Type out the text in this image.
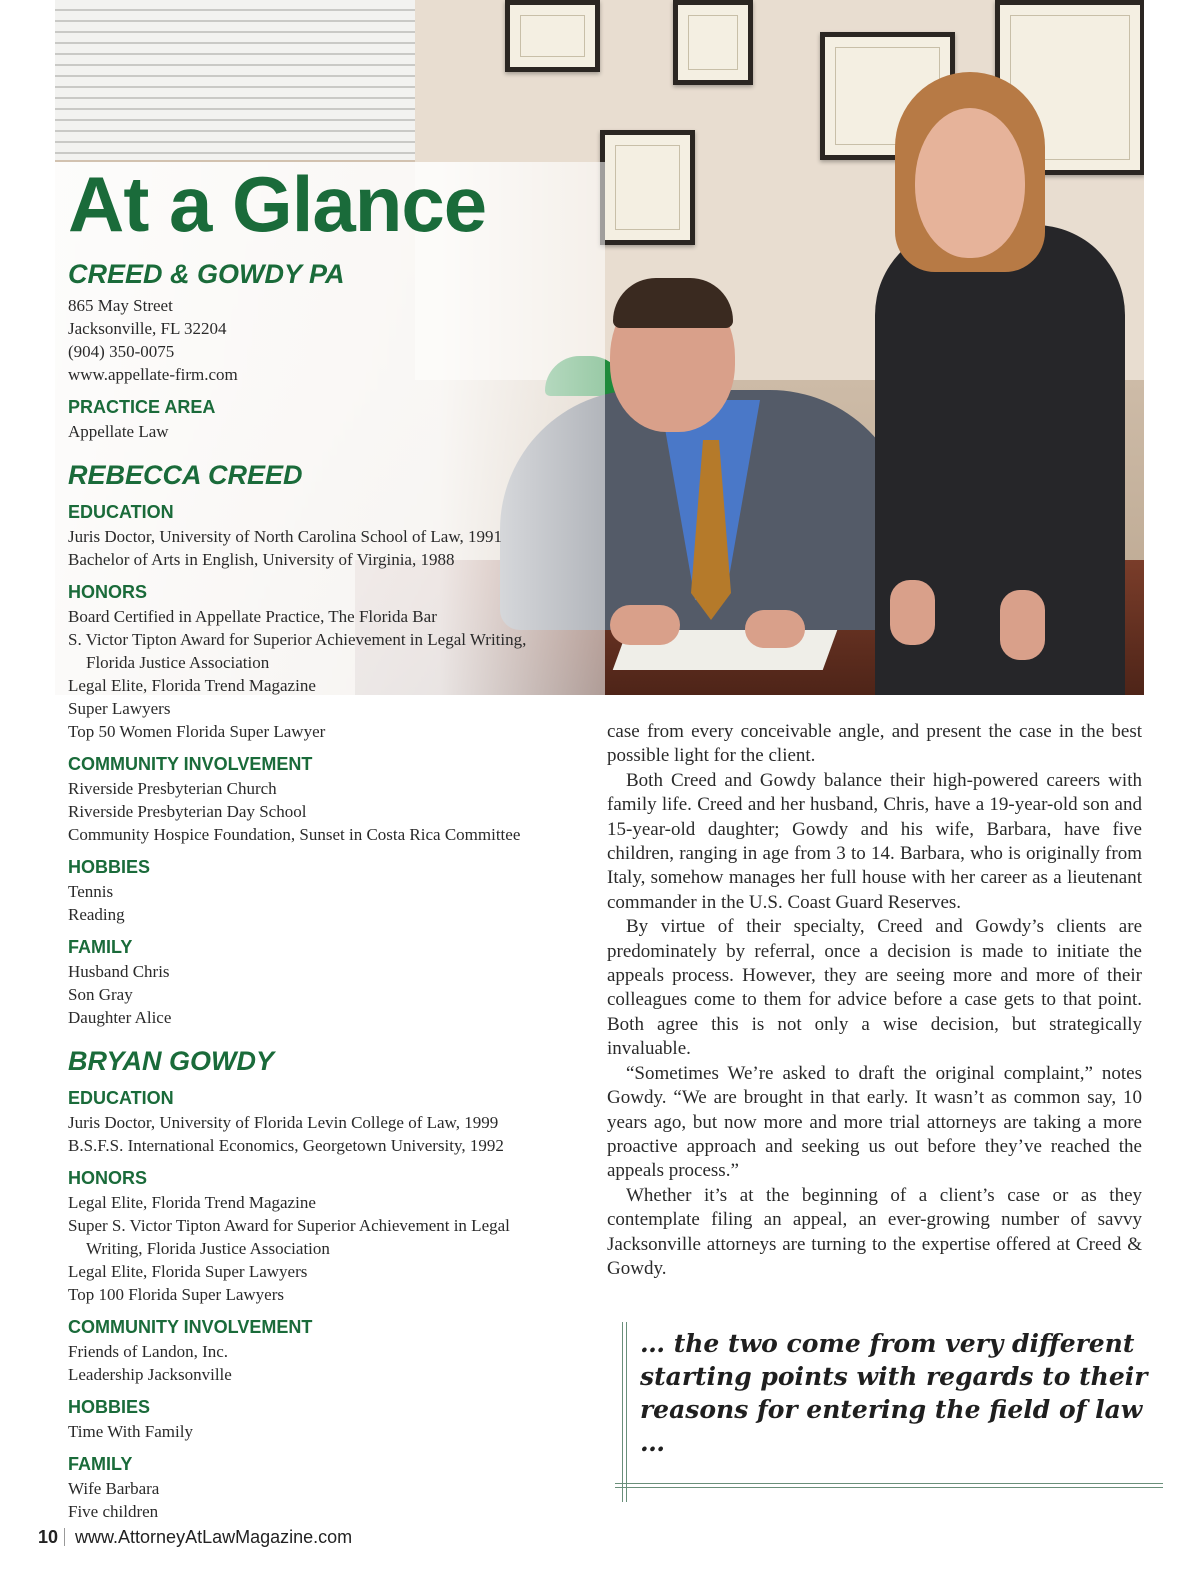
At a Glance
CREED & GOWDY PA

865 May Street

Jacksonville, FL 32204

(904) 350-0075

www.appellate-firm.com

PRACTICE AREA

Appellate Law

REBECCA CREED
EDUCATION

Juris Doctor, University of North Carolina School of Law, 1991

Bachelor of Arts in English, University of Virginia, 1988

HONORS

Board Certified in Appellate Practice, The Florida Bar

S. Victor Tipton Award for Superior Achievement in Legal Writing,

Florida Justice Association

Legal Elite, Florida Trend Magazine

Super Lawyers

Top 50 Women Florida Super Lawyer

COMMUNITY INVOLVEMENT

Riverside Presbyterian Church

Riverside Presbyterian Day School

Community Hospice Foundation, Sunset in Costa Rica Committee

HOBBIES

Tennis

Reading

FAMILY

Husband Chris

Son Gray

Daughter Alice

BRYAN GOWDY
EDUCATION

Juris Doctor, University of Florida Levin College of Law, 1999

B.S.F.S. International Economics, Georgetown University, 1992

HONORS

Legal Elite, Florida Trend Magazine

Super S. Victor Tipton Award for Superior Achievement in Legal

Writing, Florida Justice Association

Legal Elite, Florida Super Lawyers

Top 100 Florida Super Lawyers

COMMUNITY INVOLVEMENT

Friends of Landon, Inc.

Leadership Jacksonville

HOBBIES

Time With Family

FAMILY

Wife Barbara

Five children

case from every conceivable angle, and present the case in the best possible light for the client.

Both Creed and Gowdy balance their high-powered careers with family life. Creed and her husband, Chris, have a 19-year-old son and 15-year-old daughter; Gowdy and his wife, Barbara, have five children, ranging in age from 3 to 14. Barbara, who is originally from Italy, somehow manages her full house with her career as a lieutenant commander in the U.S. Coast Guard Reserves.

By virtue of their specialty, Creed and Gowdy’s clients are predominately by referral, once a decision is made to initiate the appeals process. However, they are seeing more and more of their colleagues come to them for advice before a case gets to that point. Both agree this is not only a wise decision, but strategically invaluable.

“Sometimes We’re asked to draft the original complaint,” notes Gowdy. “We are brought in that early. It wasn’t as common say, 10 years ago, but now more and more trial attorneys are taking a more proactive approach and seeking us out before they’ve reached the appeals process.”

Whether it’s at the beginning of a client’s case or as they contemplate filing an appeal, an ever-growing number of savvy Jacksonville attorneys are turning to the expertise offered at Creed & Gowdy.

… the two come from very different starting points with regards to their reasons for entering the field of law …

10 www.AttorneyAtLawMagazine.com
